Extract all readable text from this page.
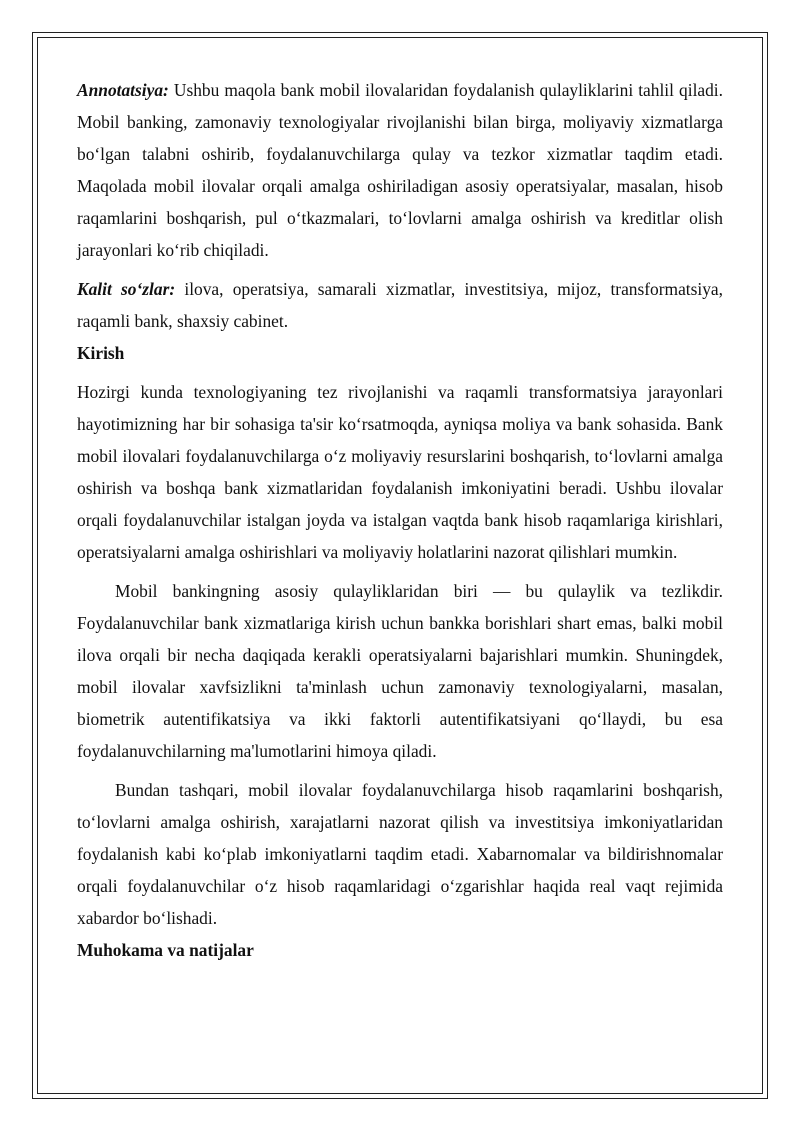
Annotatsiya: Ushbu maqola bank mobil ilovalaridan foydalanish qulayliklarini tahlil qiladi. Mobil banking, zamonaviy texnologiyalar rivojlanishi bilan birga, moliyaviy xizmatlarga bo‘lgan talabni oshirib, foydalanuvchilarga qulay va tezkor xizmatlar taqdim etadi. Maqolada mobil ilovalar orqali amalga oshiriladigan asosiy operatsiyalar, masalan, hisob raqamlarini boshqarish, pul o‘tkazmalari, to‘lovlarni amalga oshirish va kreditlar olish jarayonlari ko‘rib chiqiladi.

Kalit so‘zlar: ilova, operatsiya, samarali xizmatlar, investitsiya, mijoz, transformatsiya, raqamli bank, shaxsiy cabinet.

Kirish

Hozirgi kunda texnologiyaning tez rivojlanishi va raqamli transformatsiya jarayonlari hayotimizning har bir sohasiga ta'sir ko‘rsatmoqda, ayniqsa moliya va bank sohasida. Bank mobil ilovalari foydalanuvchilarga o‘z moliyaviy resurslarini boshqarish, to‘lovlarni amalga oshirish va boshqa bank xizmatlaridan foydalanish imkoniyatini beradi. Ushbu ilovalar orqali foydalanuvchilar istalgan joyda va istalgan vaqtda bank hisob raqamlariga kirishlari, operatsiyalarni amalga oshirishlari va moliyaviy holatlarini nazorat qilishlari mumkin.

Mobil bankingning asosiy qulayliklaridan biri — bu qulaylik va tezlikdir. Foydalanuvchilar bank xizmatlariga kirish uchun bankka borishlari shart emas, balki mobil ilova orqali bir necha daqiqada kerakli operatsiyalarni bajarishlari mumkin. Shuningdek, mobil ilovalar xavfsizlikni ta'minlash uchun zamonaviy texnologiyalarni, masalan, biometrik autentifikatsiya va ikki faktorli autentifikatsiyani qo‘llaydi, bu esa foydalanuvchilarning ma'lumotlarini himoya qiladi.

Bundan tashqari, mobil ilovalar foydalanuvchilarga hisob raqamlarini boshqarish, to‘lovlarni amalga oshirish, xarajatlarni nazorat qilish va investitsiya imkoniyatlaridan foydalanish kabi ko‘plab imkoniyatlarni taqdim etadi. Xabarnomalar va bildirishnomalar orqali foydalanuvchilar o‘z hisob raqamlaridagi o‘zgarishlar haqida real vaqt rejimida xabardor bo‘lishadi.

Muhokama va natijalar
